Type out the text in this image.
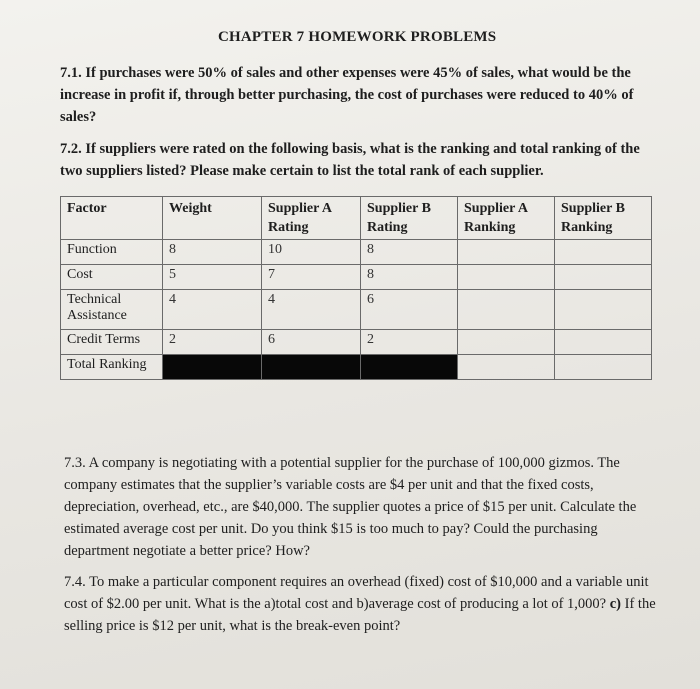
CHAPTER 7 HOMEWORK PROBLEMS
7.1. If purchases were 50% of sales and other expenses were 45% of sales, what would be the increase in profit if, through better purchasing, the cost of purchases were reduced to 40% of sales?
7.2. If suppliers were rated on the following basis, what is the ranking and total ranking of the two suppliers listed? Please make certain to list the total rank of each supplier.
Factor	Weight	Supplier A Rating	Supplier B Rating	Supplier A Ranking	Supplier B Ranking
Function	8	10	8		
Cost	5	7	8		
Technical Assistance	4	4	6		
Credit Terms	2	6	2		
Total Ranking					
7.3. A company is negotiating with a potential supplier for the purchase of 100,000 gizmos. The company estimates that the supplier’s variable costs are $4 per unit and that the fixed costs, depreciation, overhead, etc., are $40,000. The supplier quotes a price of $15 per unit. Calculate the estimated average cost per unit. Do you think $15 is too much to pay? Could the purchasing department negotiate a better price? How?
7.4. To make a particular component requires an overhead (fixed) cost of $10,000 and a variable unit cost of $2.00 per unit. What is the a)total cost and b)average cost of producing a lot of 1,000? c) If the selling price is $12 per unit, what is the break-even point?
